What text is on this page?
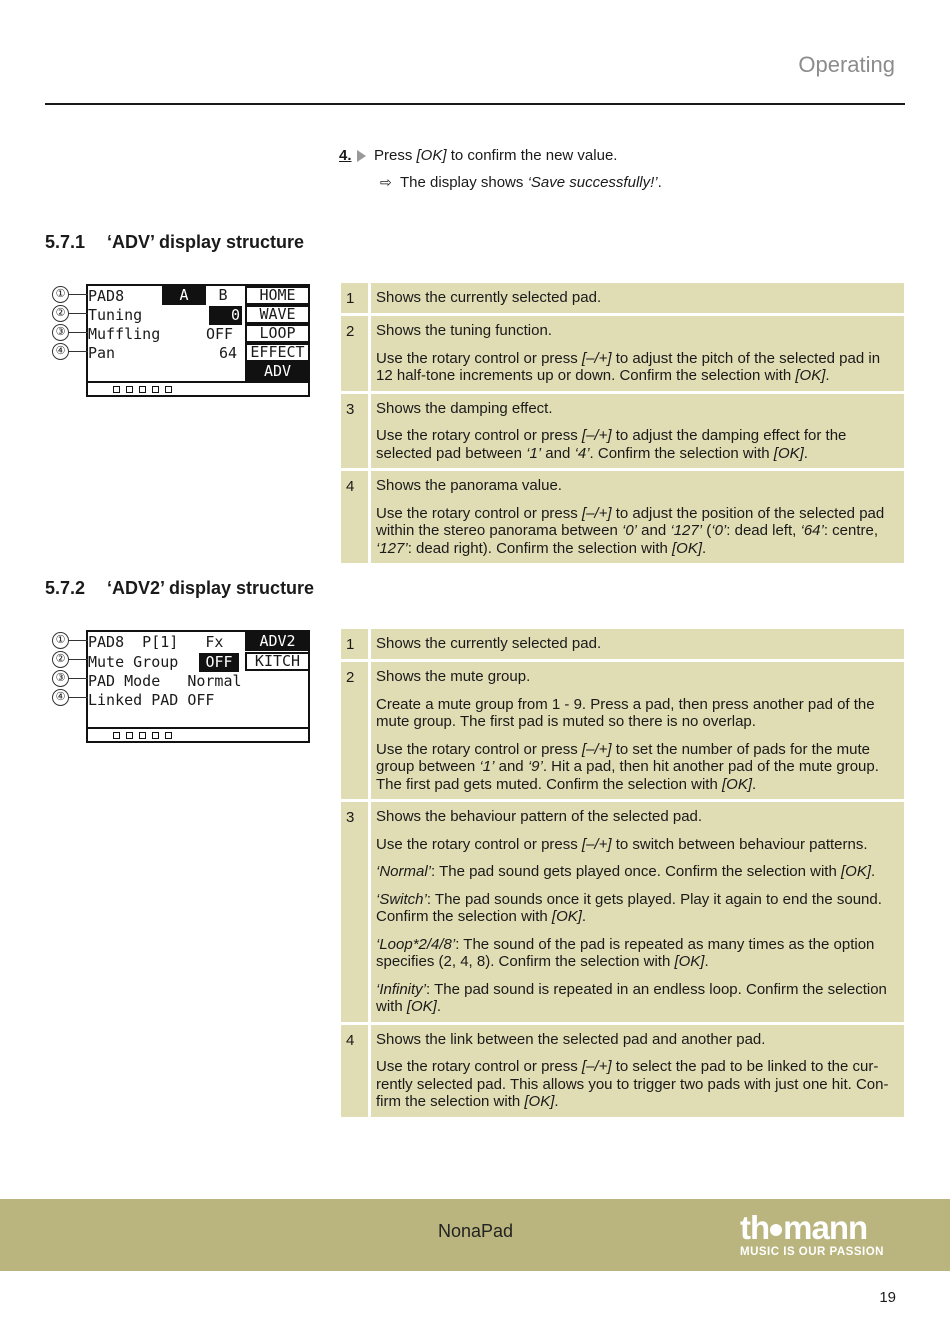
Operating
4. Press [OK] to confirm the new value.
⇨ The display shows ‘Save successfully!’.
5.7.1 ‘ADV’ display structure
PAD8	A	B
Tuning	0
Muffling	OFF
Pan	64
HOME
WAVE
LOOP
EFFECT
ADV
①
②
③
④
1	Shows the currently selected pad.

2	Shows the tuning function.

Use the rotary control or press [–/+] to adjust the pitch of the selected pad in 12 half-tone increments up or down. Confirm the selection with [OK].

3	Shows the damping effect.

Use the rotary control or press [–/+] to adjust the damping effect for the selected pad between ‘1’ and ‘4’. Confirm the selection with [OK].

4	Shows the panorama value.

Use the rotary control or press [–/+] to adjust the position of the selected pad within the stereo panorama between ‘0’ and ‘127’ (‘0’: dead left, ‘64’: centre, ‘127’: dead right). Confirm the selection with [OK].

5.7.2 ‘ADV2’ display structure
PAD8  P[1]   Fx
Mute Group	OFF
PAD Mode   Normal
Linked PAD OFF
ADV2
KITCH
①
②
③
④
1	Shows the currently selected pad.

2	Shows the mute group.

Create a mute group from 1 - 9. Press a pad, then press another pad of the mute group. The first pad is muted so there is no overlap.

Use the rotary control or press [–/+] to set the number of pads for the mute group between ‘1’ and ‘9’. Hit a pad, then hit another pad of the mute group. The first pad gets muted. Confirm the selection with [OK].

3	Shows the behaviour pattern of the selected pad.

Use the rotary control or press [–/+] to switch between behaviour patterns.

‘Normal’: The pad sound gets played once. Confirm the selection with [OK].

‘Switch’: The pad sounds once it gets played. Play it again to end the sound. Confirm the selection with [OK].

‘Loop*2/4/8’: The sound of the pad is repeated as many times as the option specifies (2, 4, 8). Confirm the selection with [OK].

‘Infinity’: The pad sound is repeated in an endless loop. Confirm the selection with [OK].

4	Shows the link between the selected pad and another pad.

Use the rotary control or press [–/+] to select the pad to be linked to the currently selected pad. This allows you to trigger two pads with just one hit. Confirm the selection with [OK].

NonaPad	th mann
MUSIC IS OUR PASSION
19
